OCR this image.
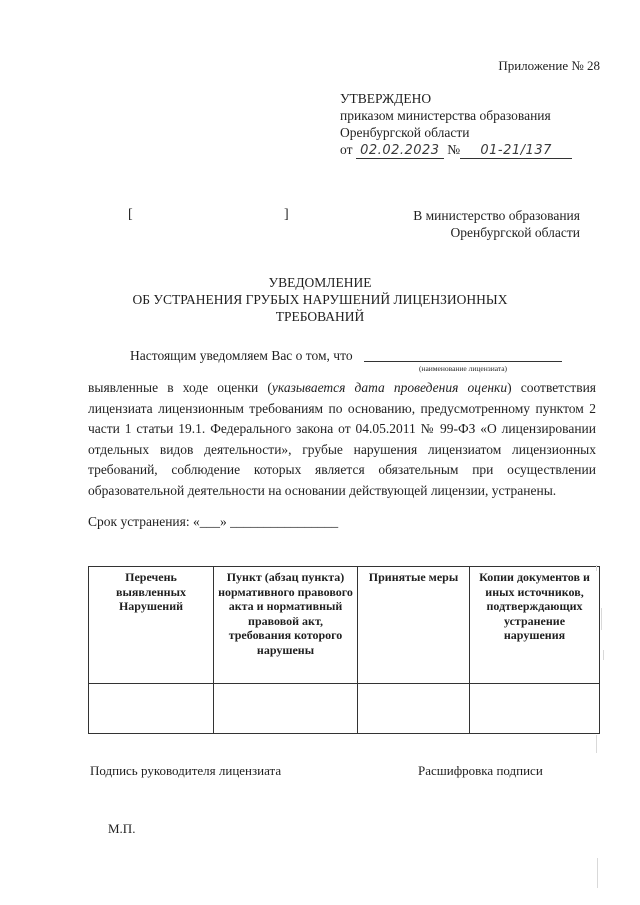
Приложение № 28
УТВЕРЖДЕНО
приказом министерства образования
Оренбургской области
от 02.02.2023 № 01-21/137
[	]	В министерство образования
Оренбургской области
УВЕДОМЛЕНИЕ
ОБ УСТРАНЕНИЯ ГРУБЫХ НАРУШЕНИЙ ЛИЦЕНЗИОННЫХ
ТРЕБОВАНИЙ
Настоящим уведомляем Вас о том, что
(наименование лицензиата)
выявленные в ходе оценки (указывается дата проведения оценки) соответствия лицензиата лицензионным требованиям по основанию, предусмотренному пунктом 2 части 1 статьи 19.1. Федерального закона от 04.05.2011 № 99-ФЗ «О лицензировании отдельных видов деятельности», грубые нарушения лицензиатом лицензионных требований, соблюдение которых является обязательным при осуществлении образовательной деятельности на основании действующей лицензии, устранены.
Срок устранения: «___» ________________
Перечень выявленных Нарушений	Пункт (абзац пункта) нормативного правового акта и нормативный правовой акт, требования которого нарушены	Принятые меры	Копии документов и иных источников, подтверждающих устранение нарушения

Подпись руководителя лицензиата	Расшифровка подписи
М.П.
